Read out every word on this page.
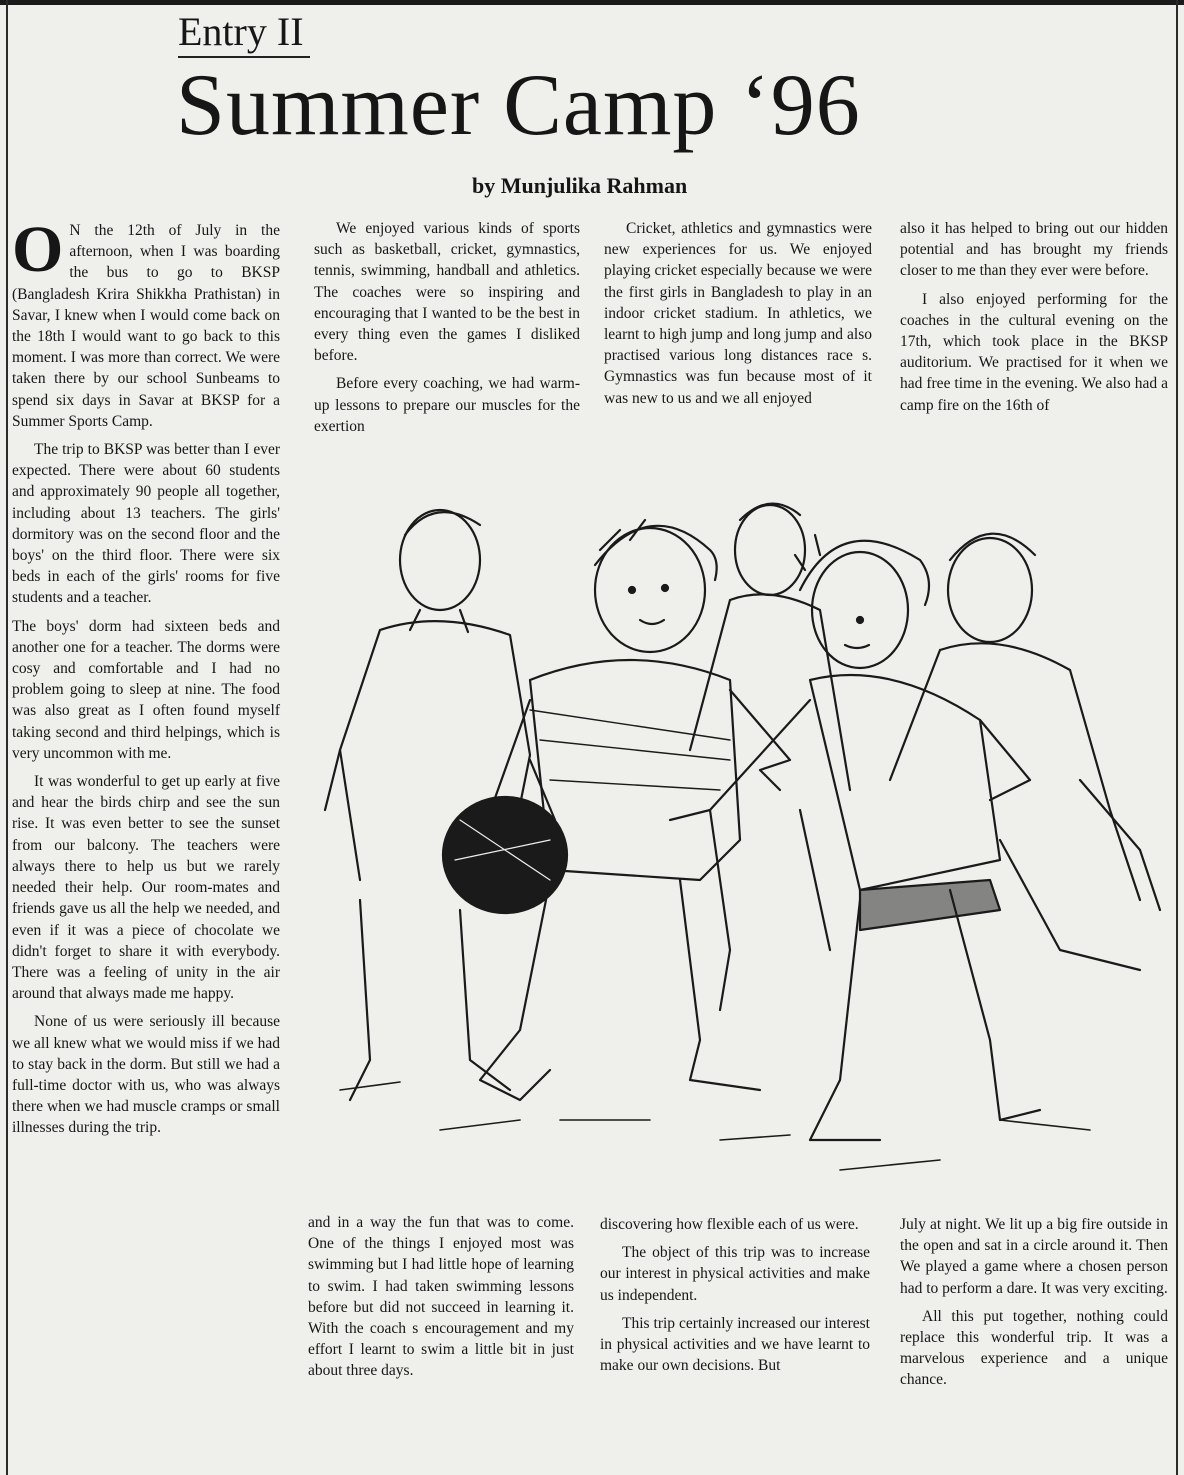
Entry II
Summer Camp ‘96
by Munjulika Rahman

O N the 12th of July in the afternoon, when I was boarding the bus to go to BKSP (Bangladesh Krira Shikkha Prathistan) in Savar, I knew when I would come back on the 18th I would want to go back to this moment. I was more than correct. We were taken there by our school Sunbeams to spend six days in Savar at BKSP for a Summer Sports Camp.

The trip to BKSP was better than I ever expected. There were about 60 students and approximately 90 people all together, including about 13 teachers. The girls' dormitory was on the second floor and the boys' on the third floor. There were six beds in each of the girls' rooms for five students and a teacher.

The boys' dorm had sixteen beds and another one for a teacher. The dorms were cosy and comfortable and I had no problem going to sleep at nine. The food was also great as I often found myself taking second and third helpings, which is very uncommon with me.

It was wonderful to get up early at five and hear the birds chirp and see the sun rise. It was even better to see the sunset from our balcony. The teachers were always there to help us but we rarely needed their help. Our room-mates and friends gave us all the help we needed, and even if it was a piece of chocolate we didn't forget to share it with everybody. There was a feeling of unity in the air around that always made me happy.

None of us were seriously ill because we all knew what we would miss if we had to stay back in the dorm. But still we had a full-time doctor with us, who was always there when we had muscle cramps or small illnesses during the trip.

We enjoyed various kinds of sports such as basketball, cricket, gymnastics, tennis, swimming, handball and athletics. The coaches were so inspiring and encouraging that I wanted to be the best in every thing even the games I disliked before.

Before every coaching, we had warm-up lessons to prepare our muscles for the exertion

Cricket, athletics and gymnastics were new experiences for us. We enjoyed playing cricket especially because we were the first girls in Bangladesh to play in an indoor cricket stadium. In athletics, we learnt to high jump and long jump and also practised various long distances race s. Gymnastics was fun because most of it was new to us and we all enjoyed

also it has helped to bring out our hidden potential and has brought my friends closer to me than they ever were before.

I also enjoyed performing for the coaches in the cultural evening on the 17th, which took place in the BKSP auditorium. We practised for it when we had free time in the evening. We also had a camp fire on the 16th of

and in a way the fun that was to come. One of the things I enjoyed most was swimming but I had little hope of learning to swim. I had taken swimming lessons before but did not succeed in learning it. With the coach s encouragement and my effort I learnt to swim a little bit in just about three days.

discovering how flexible each of us were.

The object of this trip was to increase our interest in physical activities and make us independent.

This trip certainly increased our interest in physical activities and we have learnt to make our own decisions. But

July at night. We lit up a big fire outside in the open and sat in a circle around it. Then We played a game where a chosen person had to perform a dare. It was very exciting.

All this put together, nothing could replace this wonderful trip. It was a marvelous experience and a unique chance.
